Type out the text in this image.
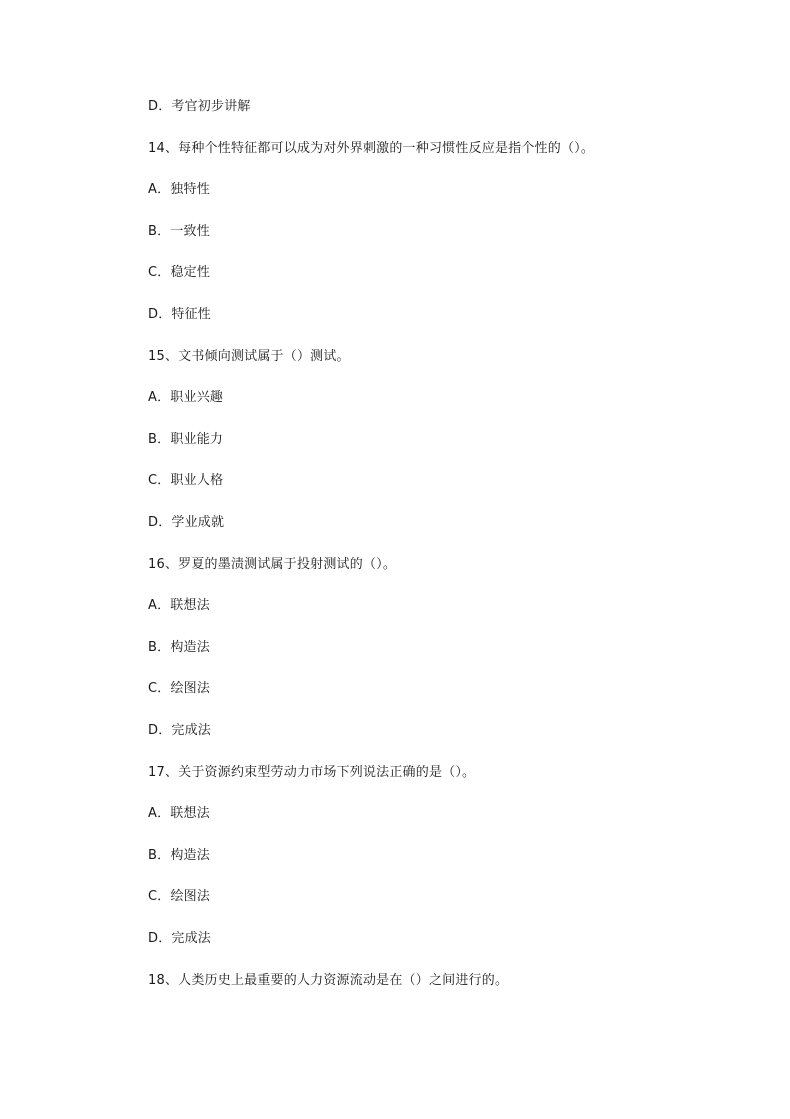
D．考官初步讲解
14、每种个性特征都可以成为对外界刺激的一种习惯性反应是指个性的（）。
A．独特性
B．一致性
C．稳定性
D．特征性
15、文书倾向测试属于（）测试。
A．职业兴趣
B．职业能力
C．职业人格
D．学业成就
16、罗夏的墨渍测试属于投射测试的（）。
A．联想法
B．构造法
C．绘图法
D．完成法
17、关于资源约束型劳动力市场下列说法正确的是（）。
A．联想法
B．构造法
C．绘图法
D．完成法
18、人类历史上最重要的人力资源流动是在（）之间进行的。
